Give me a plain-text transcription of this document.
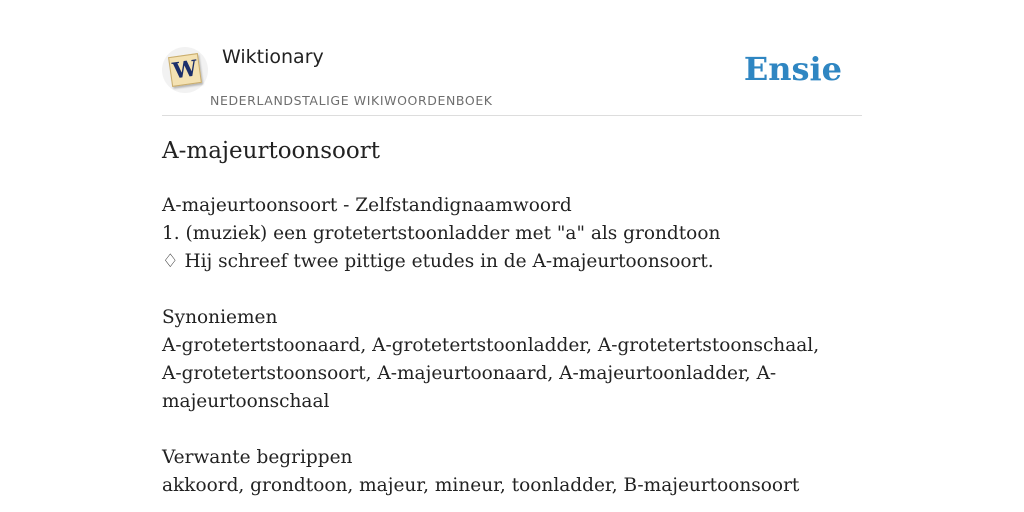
W Wiktionary
NEDERLANDSTALIGE WIKIWOORDENBOEK
Ensie
A-majeurtoonsoort
A-majeurtoonsoort - Zelfstandignaamwoord
1. (muziek) een grotetertstoonladder met "a" als grondtoon
♢ Hij schreef twee pittige etudes in de A-majeurtoonsoort.
Synoniemen
A-grotetertstoonaard, A-grotetertstoonladder, A-grotetertstoonschaal, A-grotetertstoonsoort, A-majeurtoonaard, A-majeurtoonladder, A-majeurtoonschaal
Verwante begrippen
akkoord, grondtoon, majeur, mineur, toonladder, B-majeurtoonsoort
